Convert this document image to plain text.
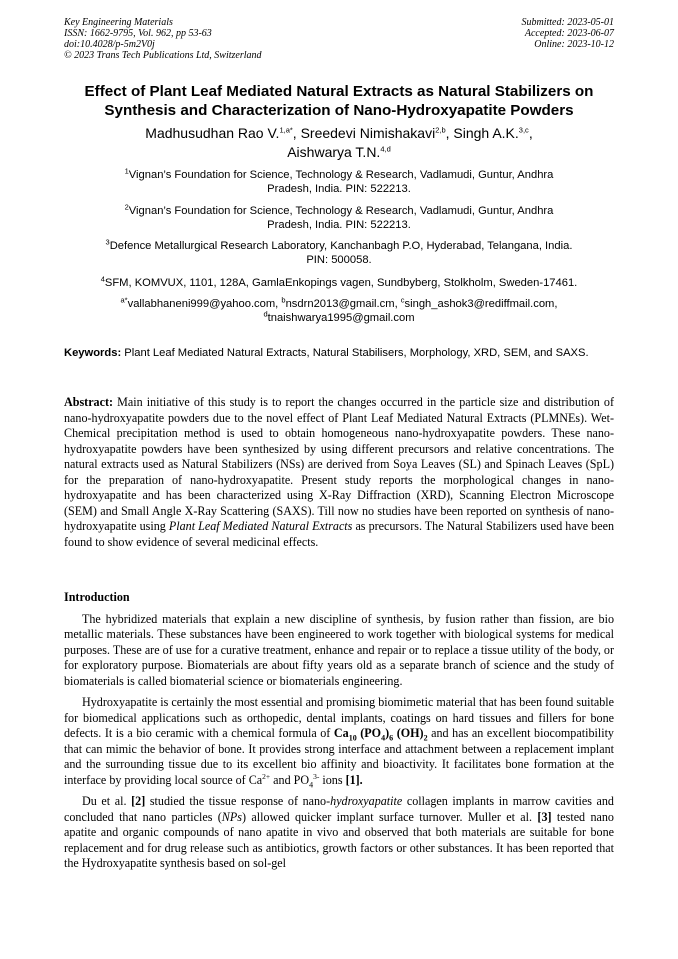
Key Engineering Materials
ISSN: 1662-9795, Vol. 962, pp 53-63
doi:10.4028/p-5m2V0j
© 2023 Trans Tech Publications Ltd, Switzerland
Submitted: 2023-05-01
Accepted: 2023-06-07
Online: 2023-10-12
Effect of Plant Leaf Mediated Natural Extracts as Natural Stabilizers on
Synthesis and Characterization of Nano-Hydroxyapatite Powders
Madhusudhan Rao V.$^{1,a*}$, Sreedevi Nimishakavi$^{2,b}$, Singh A.K.$^{3,c}$,
Aishwarya T.N.$^{4,d}$
$^1$Vignan’s Foundation for Science, Technology & Research, Vadlamudi, Guntur, Andhra
Pradesh, India. PIN: 522213.
$^2$Vignan’s Foundation for Science, Technology & Research, Vadlamudi, Guntur, Andhra
Pradesh, India. PIN: 522213.
$^3$Defence Metallurgical Research Laboratory, Kanchanbagh P.O, Hyderabad, Telangana, India.
PIN: 500058.
$^4$SFM, KOMVUX, 1101, 128A, GamlaEnkopings vagen, Sundbyberg, Stolkholm, Sweden-17461.
$^{a*}$vallabhaneni999@yahoo.com, $^b$nsdrn2013@gmail.cm, $^c$singh_ashok3@rediffmail.com,
$^d$tnaishwarya1995@gmail.com
Keywords: Plant Leaf Mediated Natural Extracts, Natural Stabilisers, Morphology, XRD, SEM, and SAXS.

Abstract: Main initiative of this study is to report the changes occurred in the particle size and distribution of nano-hydroxyapatite powders due to the novel effect of Plant Leaf Mediated Natural Extracts (PLMNEs). Wet-Chemical precipitation method is used to obtain homogeneous nano-hydroxyapatite powders. These nano-hydroxyapatite powders have been synthesized by using different precursors and relative concentrations. The natural extracts used as Natural Stabilizers (NSs) are derived from Soya Leaves (SL) and Spinach Leaves (SpL) for the preparation of nano-hydroxyapatite. Present study reports the morphological changes in nano-hydroxyapatite and has been characterized using X-Ray Diffraction (XRD), Scanning Electron Microscope (SEM) and Small Angle X-Ray Scattering (SAXS). Till now no studies have been reported on synthesis of nano-hydroxyapatite using Plant Leaf Mediated Natural Extracts as precursors. The Natural Stabilizers used have been found to show evidence of several medicinal effects.

Introduction

The hybridized materials that explain a new discipline of synthesis, by fusion rather than fission, are bio metallic materials. These substances have been engineered to work together with biological systems for medical purposes. These are of use for a curative treatment, enhance and repair or to replace a tissue utility of the body, or for exploratory purpose. Biomaterials are about fifty years old as a separate branch of science and the study of biomaterials is called biomaterial science or biomaterials engineering.

Hydroxyapatite is certainly the most essential and promising biomimetic material that has been found suitable for biomedical applications such as orthopedic, dental implants, coatings on hard tissues and fillers for bone defects. It is a bio ceramic with a chemical formula of $Ca_{10}$ $(PO_4)_6$ $(OH)_2$ and has an excellent biocompatibility that can mimic the behavior of bone. It provides strong interface and attachment between a replacement implant and the surrounding tissue due to its excellent bio affinity and bioactivity. It facilitates bone formation at the interface by providing local source of $Ca^{2+}$ and $PO_4^{3-}$ ions [1].

Du et al. [2] studied the tissue response of nano-hydroxyapatite collagen implants in marrow cavities and concluded that nano particles (NPs) allowed quicker implant surface turnover. Muller et al. [3] tested nano apatite and organic compounds of nano apatite in vivo and observed that both materials are suitable for bone replacement and for drug release such as antibiotics, growth factors or other substances. It has been reported that the Hydroxyapatite synthesis based on sol-gel
